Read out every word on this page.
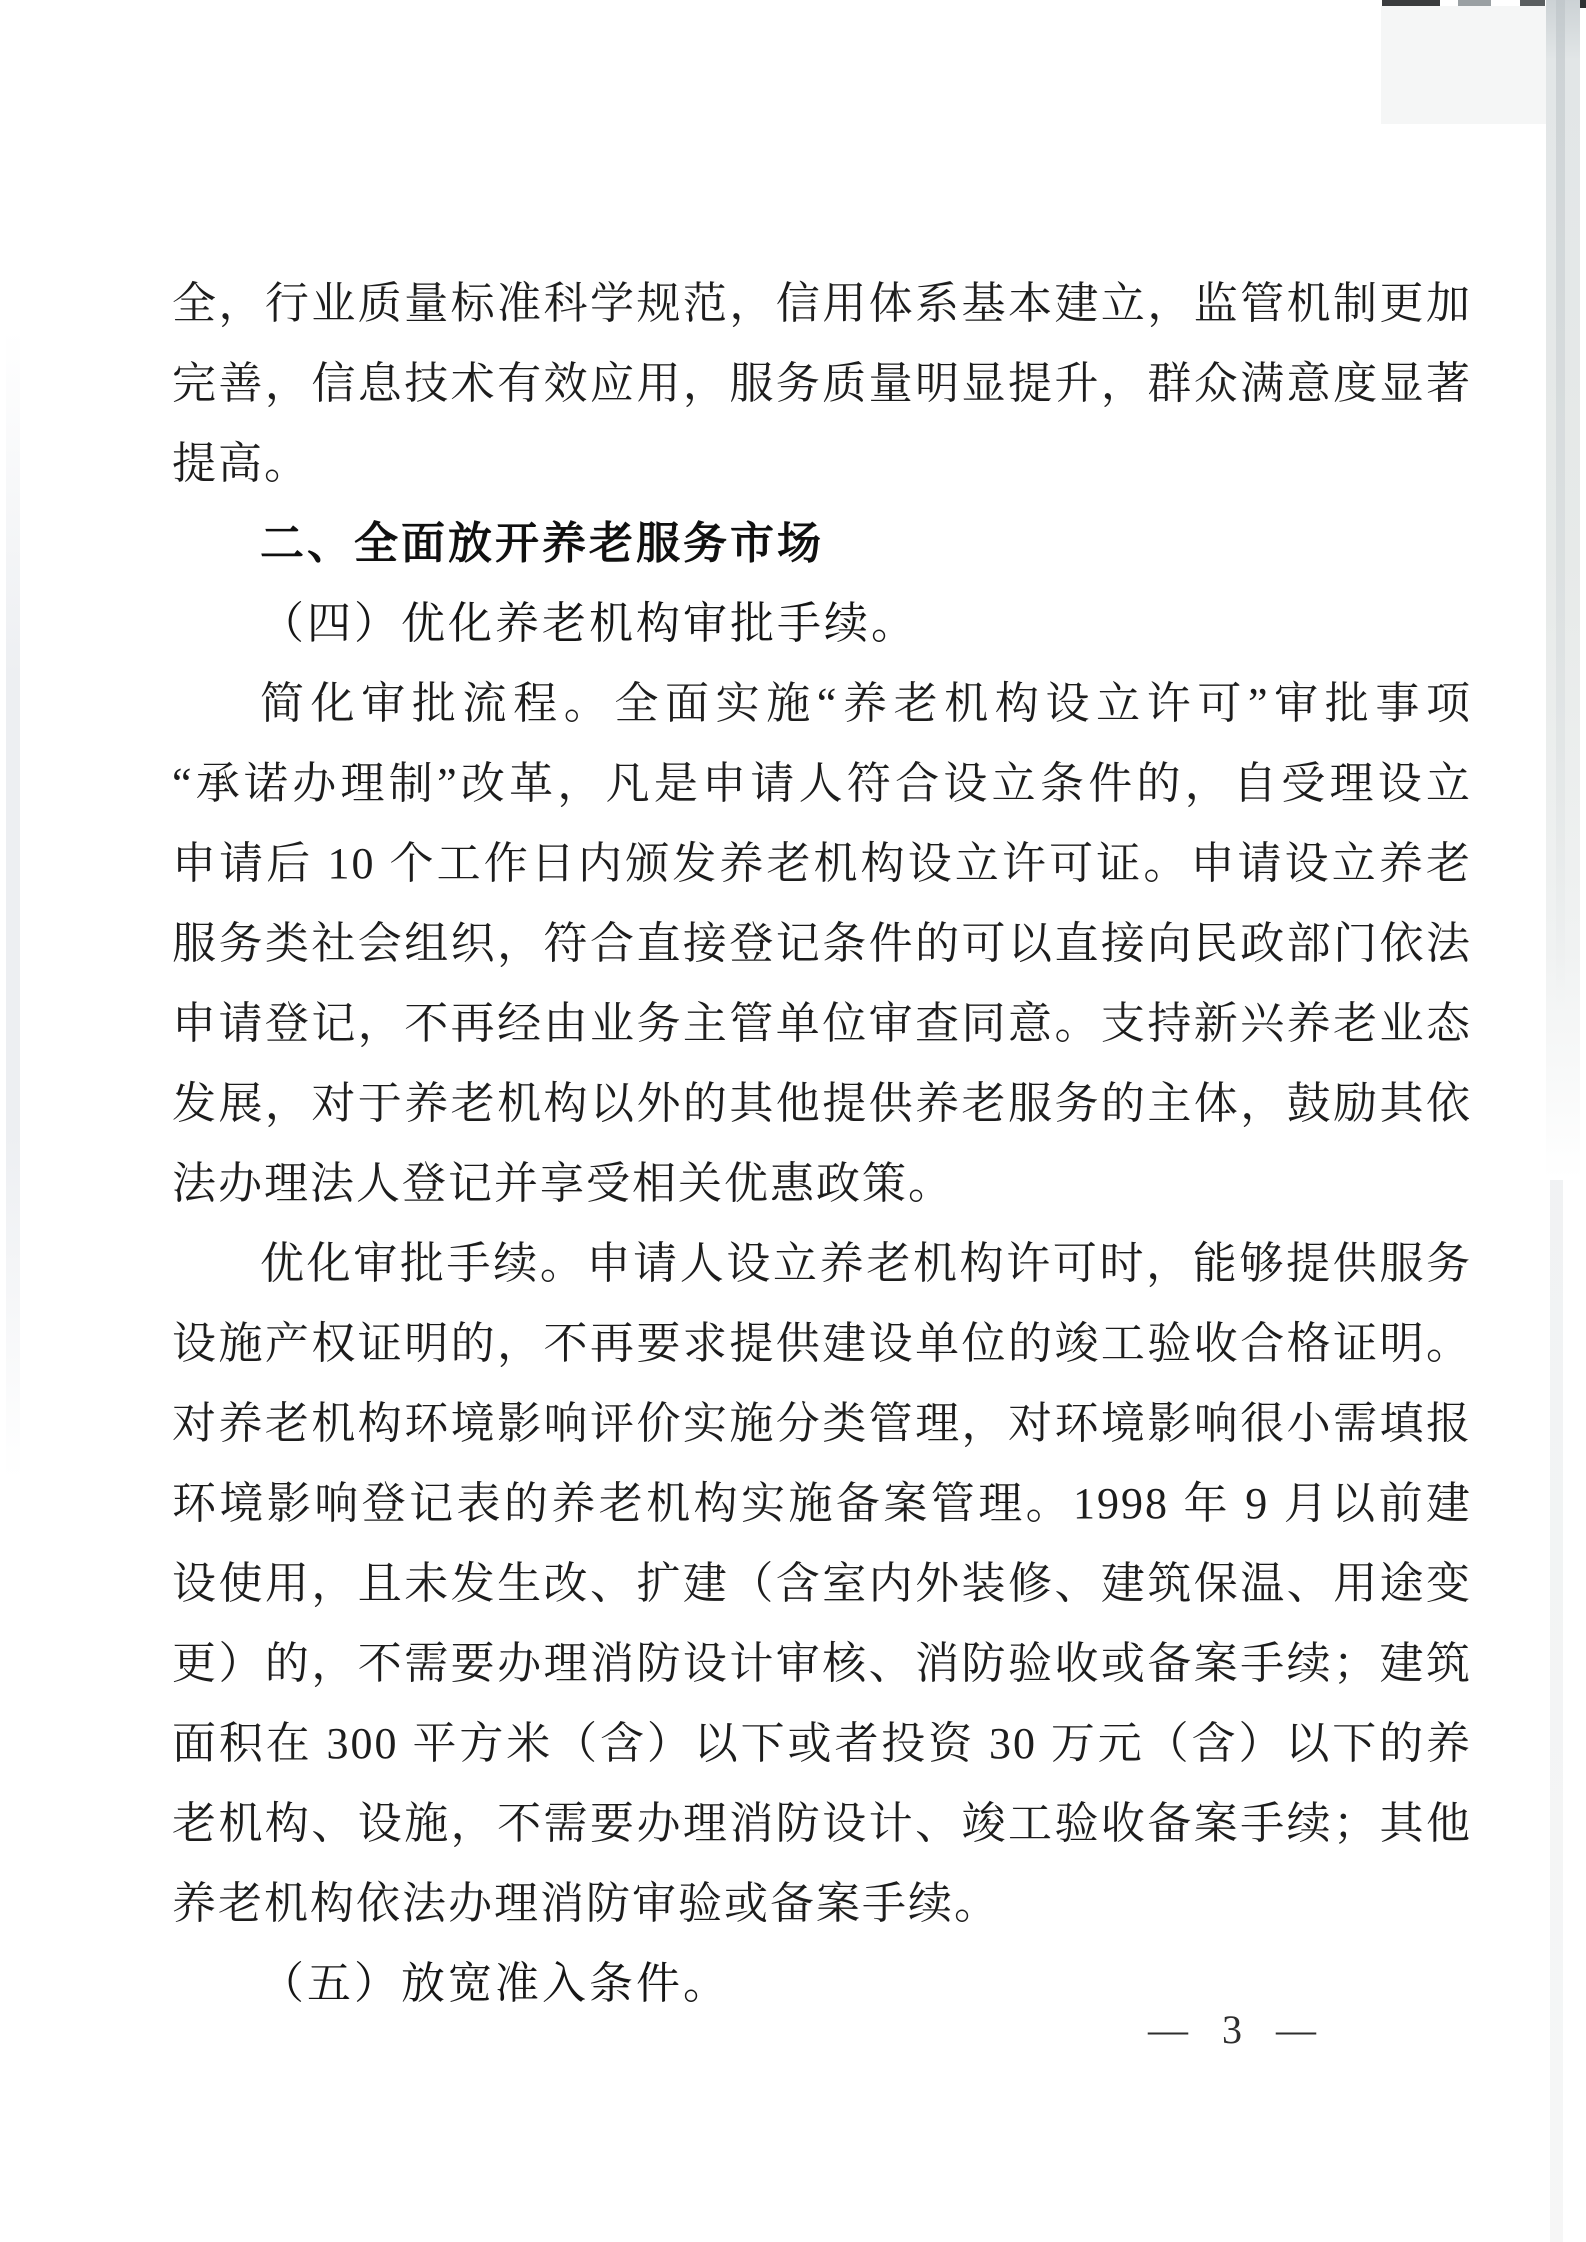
全，行业质量标准科学规范，信用体系基本建立，监管机制更加
完善，信息技术有效应用，服务质量明显提升，群众满意度显著
提高。
二、全面放开养老服务市场
（四）优化养老机构审批手续。
简化审批流程。全面实施“养老机构设立许可”审批事项
“承诺办理制”改革，凡是申请人符合设立条件的，自受理设立
申请后 10 个工作日内颁发养老机构设立许可证。申请设立养老
服务类社会组织，符合直接登记条件的可以直接向民政部门依法
申请登记，不再经由业务主管单位审查同意。支持新兴养老业态
发展，对于养老机构以外的其他提供养老服务的主体，鼓励其依
法办理法人登记并享受相关优惠政策。
优化审批手续。申请人设立养老机构许可时，能够提供服务
设施产权证明的，不再要求提供建设单位的竣工验收合格证明。
对养老机构环境影响评价实施分类管理，对环境影响很小需填报
环境影响登记表的养老机构实施备案管理。1998 年 9 月以前建
设使用，且未发生改、扩建（含室内外装修、建筑保温、用途变
更）的，不需要办理消防设计审核、消防验收或备案手续；建筑
面积在 300 平方米（含）以下或者投资 30 万元（含）以下的养
老机构、设施，不需要办理消防设计、竣工验收备案手续；其他
养老机构依法办理消防审验或备案手续。
（五）放宽准入条件。
— 3 —
